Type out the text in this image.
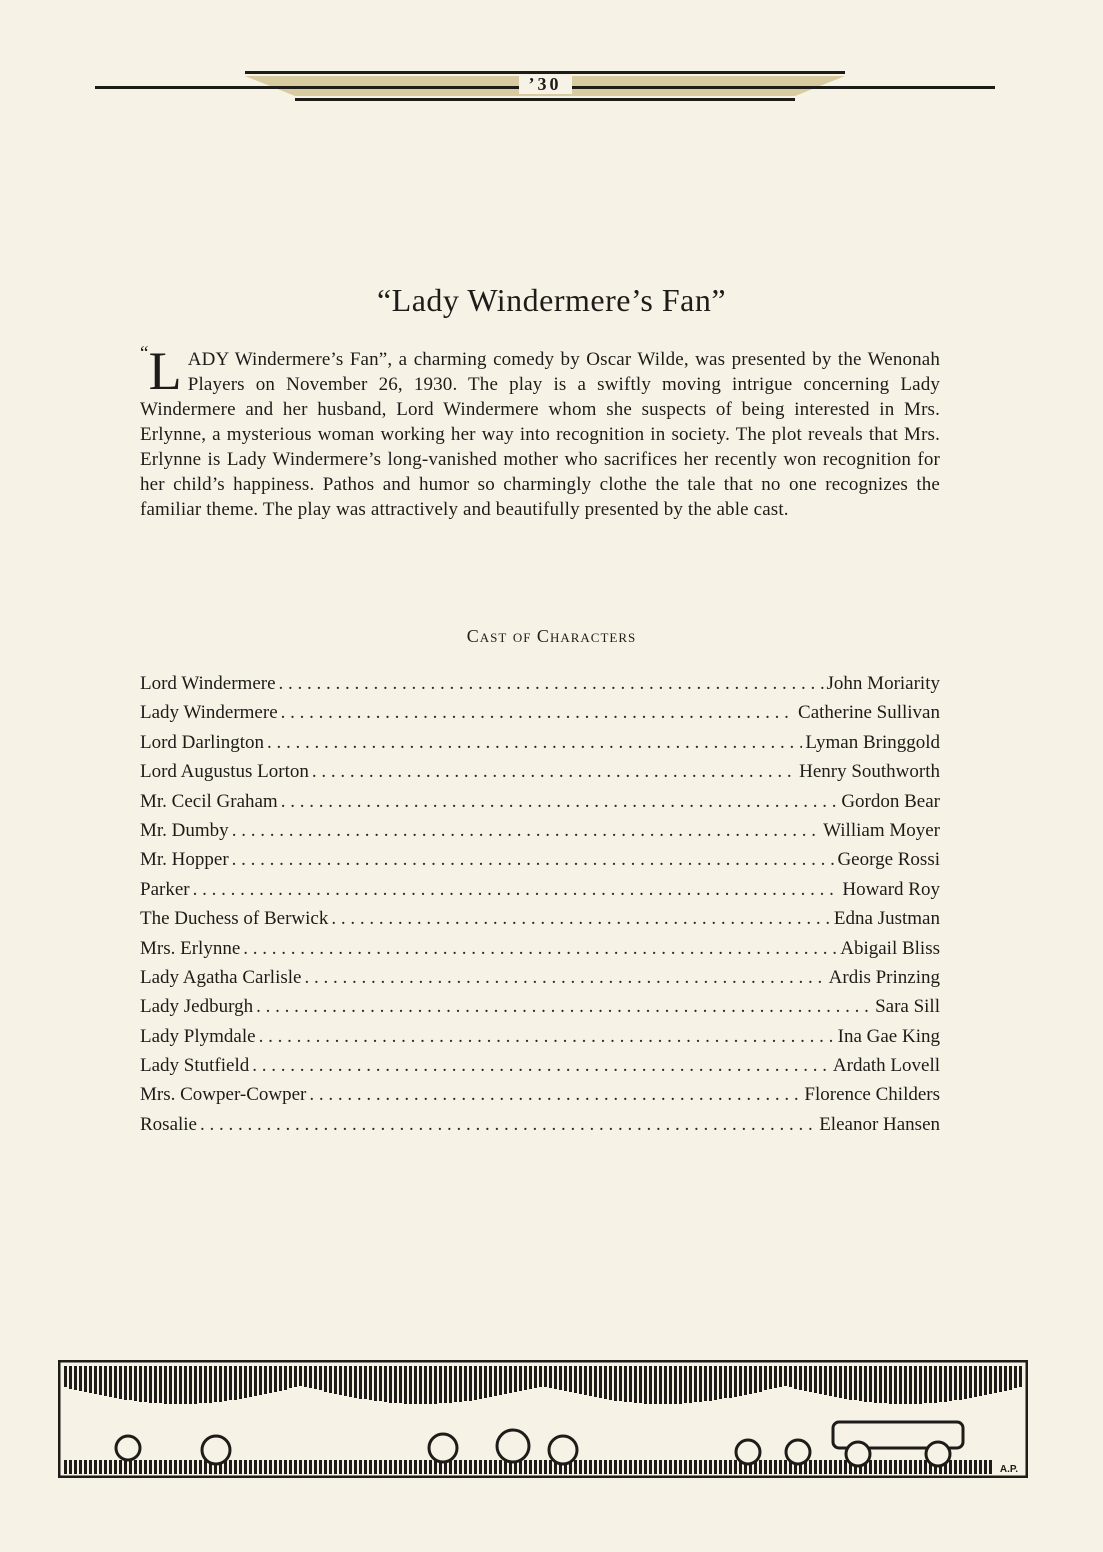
’30
“Lady Windermere’s Fan”
“ L ADY Windermere’s Fan”, a charming comedy by Oscar Wilde, was presented by the Wenonah Players on November 26, 1930. The play is a swiftly moving intrigue concerning Lady Windermere and her husband, Lord Windermere whom she suspects of being interested in Mrs. Erlynne, a mysterious woman working her way into recognition in society. The plot reveals that Mrs. Erlynne is Lady Windermere’s long-vanished mother who sacrifices her recently won recognition for her child’s happiness. Pathos and humor so charmingly clothe the tale that no one recognizes the familiar theme. The play was attractively and beautifully presented by the able cast.
Cast of Characters
Lord Windermere . . .	John Moriarity
Lady Windermere . . .	Catherine Sullivan
Lord Darlington . . .	Lyman Bringgold
Lord Augustus Lorton . . .	Henry Southworth
Mr. Cecil Graham . . .	Gordon Bear
Mr. Dumby . . .	William Moyer
Mr. Hopper . . .	George Rossi
Parker . . .	Howard Roy
The Duchess of Berwick . . .	Edna Justman
Mrs. Erlynne . . .	Abigail Bliss
Lady Agatha Carlisle . . .	Ardis Prinzing
Lady Jedburgh . . .	Sara Sill
Lady Plymdale . . .	Ina Gae King
Lady Stutfield . . .	Ardath Lovell
Mrs. Cowper-Cowper . . .	Florence Childers
Rosalie . . .	Eleanor Hansen
A.P.
